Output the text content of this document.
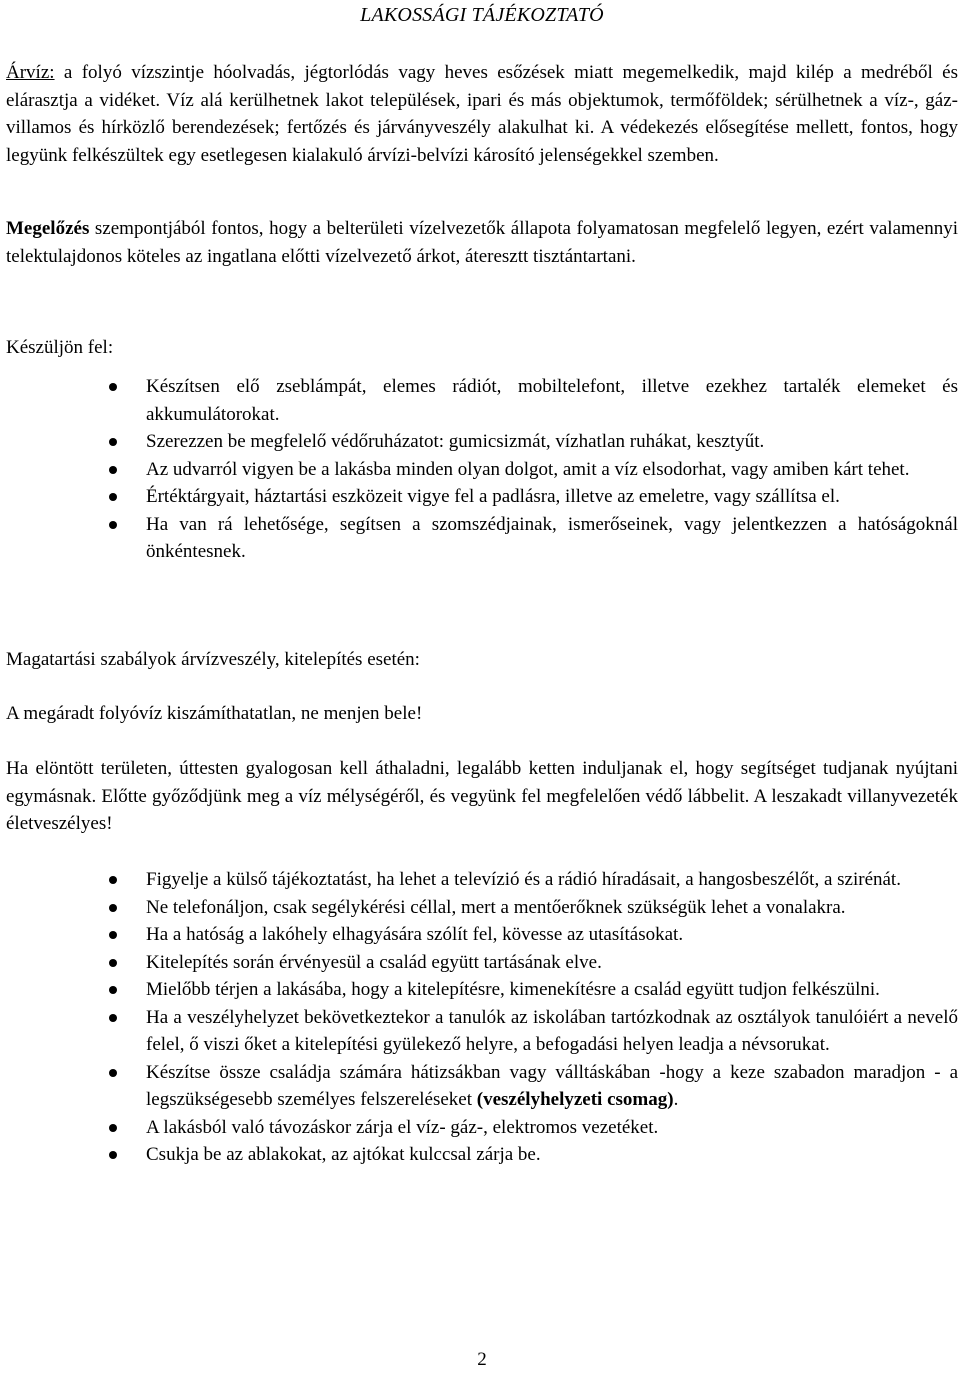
LAKOSSÁGI TÁJÉKOZTATÓ

Árvíz: a folyó vízszintje hóolvadás, jégtorlódás vagy heves esőzések miatt megemelkedik, majd kilép a medréből és elárasztja a vidéket. Víz alá kerülhetnek lakot települések, ipari és más objektumok, termőföldek; sérülhetnek a víz-, gáz- villamos és hírközlő berendezések; fertőzés és járványveszély alakulhat ki. A védekezés elősegítése mellett, fontos, hogy legyünk felkészültek egy esetlegesen kialakuló árvízi-belvízi károsító jelenségekkel szemben.

Megelőzés szempontjából fontos, hogy a belterületi vízelvezetők állapota folyamatosan megfelelő legyen, ezért valamennyi telektulajdonos köteles az ingatlana előtti vízelvezető árkot, áteresztt tisztántartani.

Készüljön fel:

Készítsen elő zseblámpát, elemes rádiót, mobiltelefont, illetve ezekhez tartalék elemeket és akkumulátorokat.
Szerezzen be megfelelő védőruházatot: gumicsizmát, vízhatlan ruhákat, kesztyűt.
Az udvarról vigyen be a lakásba minden olyan dolgot, amit a víz elsodorhat, vagy amiben kárt tehet.
Értéktárgyait, háztartási eszközeit vigye fel a padlásra, illetve az emeletre, vagy szállítsa el.
Ha van rá lehetősége, segítsen a szomszédjainak, ismerőseinek, vagy jelentkezzen a hatóságoknál önkéntesnek.

Magatartási szabályok árvízveszély, kitelepítés esetén:

A megáradt folyóvíz kiszámíthatatlan, ne menjen bele!

Ha elöntött területen, úttesten gyalogosan kell áthaladni, legalább ketten induljanak el, hogy segítséget tudjanak nyújtani egymásnak. Előtte győződjünk meg a víz mélységéről, és vegyünk fel megfelelően védő lábbelit. A leszakadt villanyvezeték életveszélyes!

Figyelje a külső tájékoztatást, ha lehet a televízió és a rádió híradásait, a hangosbeszélőt, a szirénát.
Ne telefonáljon, csak segélykérési céllal, mert a mentőerőknek szükségük lehet a vonalakra.
Ha a hatóság a lakóhely elhagyására szólít fel, kövesse az utasításokat.
Kitelepítés során érvényesül a család együtt tartásának elve.
Mielőbb térjen a lakásába, hogy a kitelepítésre, kimenekítésre a család együtt tudjon felkészülni.
Ha a veszélyhelyzet bekövetkeztekor a tanulók az iskolában tartózkodnak az osztályok tanulóiért a nevelő felel, ő viszi őket a kitelepítési gyülekező helyre, a befogadási helyen leadja a névsorukat.
Készítse össze családja számára hátizsákban vagy válltáskában -hogy a keze szabadon maradjon - a legszükségesebb személyes felszereléseket (veszélyhelyzeti csomag).
A lakásból való távozáskor zárja el víz- gáz-, elektromos vezetéket.
Csukja be az ablakokat, az ajtókat kulccsal zárja be.
2
